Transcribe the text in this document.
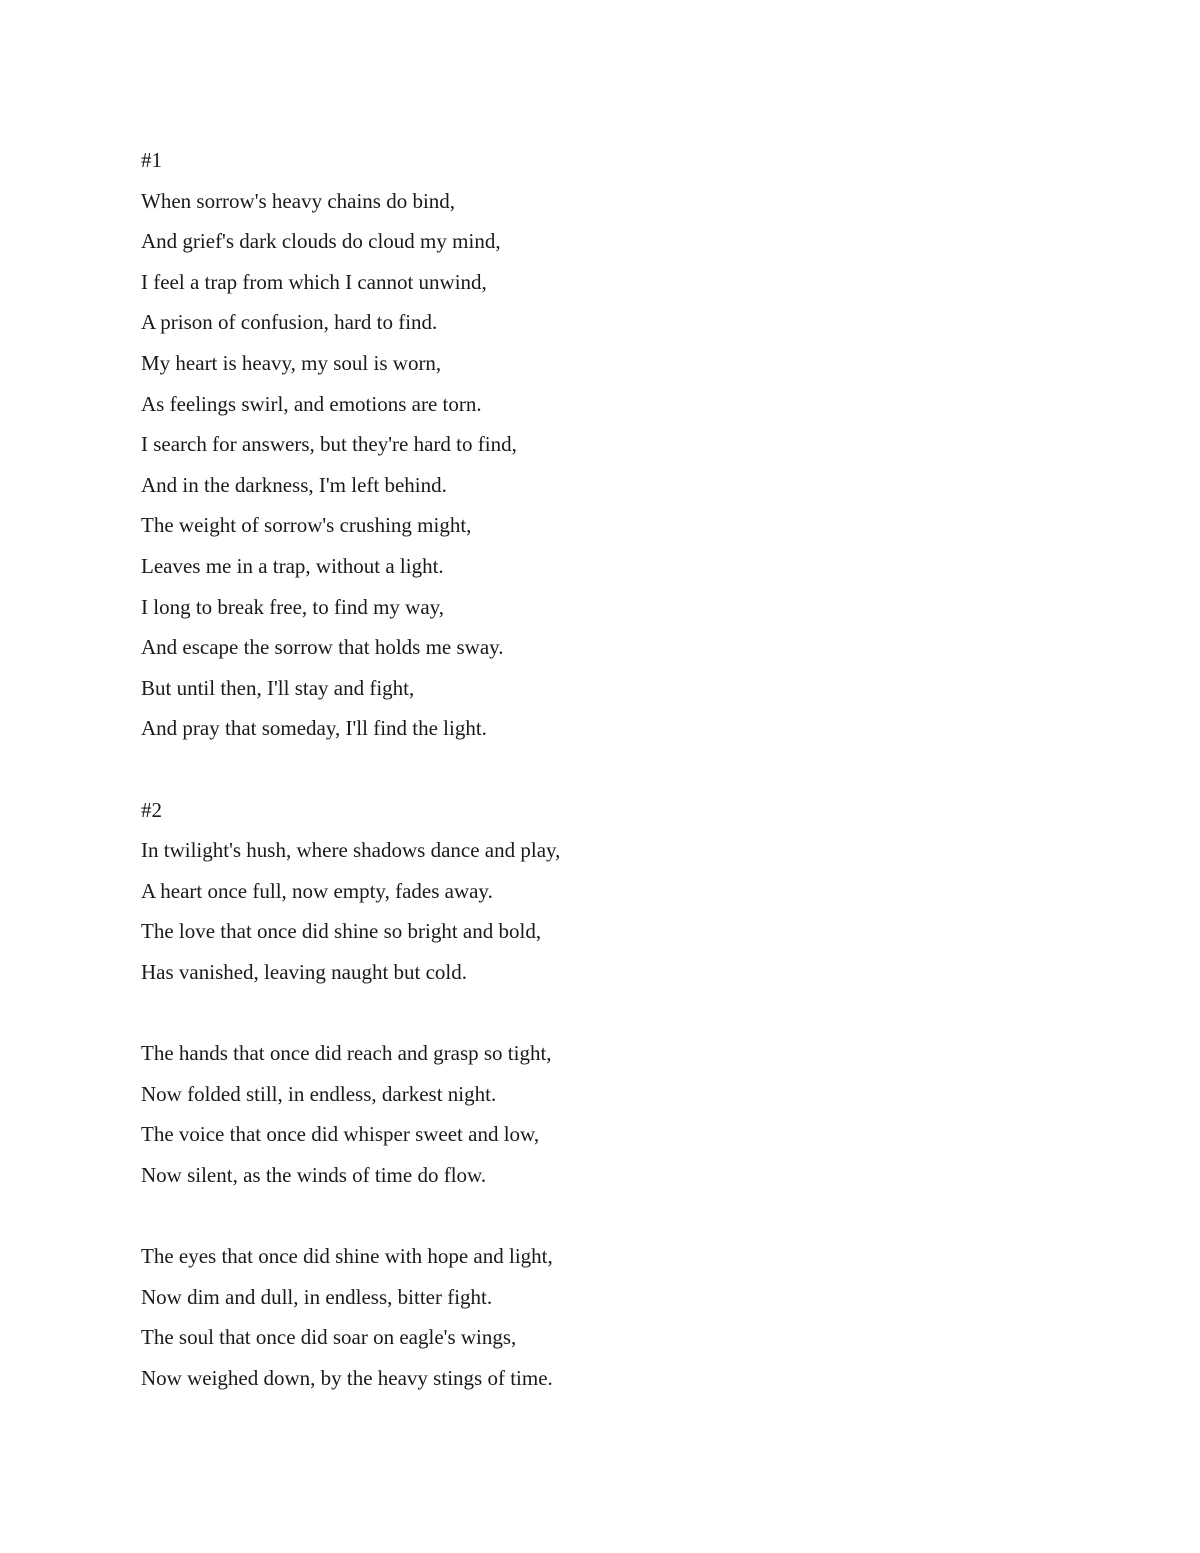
#1
When sorrow's heavy chains do bind,
And grief's dark clouds do cloud my mind,
I feel a trap from which I cannot unwind,
A prison of confusion, hard to find.
My heart is heavy, my soul is worn,
As feelings swirl, and emotions are torn.
I search for answers, but they're hard to find,
And in the darkness, I'm left behind.
The weight of sorrow's crushing might,
Leaves me in a trap, without a light.
I long to break free, to find my way,
And escape the sorrow that holds me sway.
But until then, I'll stay and fight,
And pray that someday, I'll find the light.
#2
In twilight's hush, where shadows dance and play,
A heart once full, now empty, fades away.
The love that once did shine so bright and bold,
Has vanished, leaving naught but cold.
The hands that once did reach and grasp so tight,
Now folded still, in endless, darkest night.
The voice that once did whisper sweet and low,
Now silent, as the winds of time do flow.
The eyes that once did shine with hope and light,
Now dim and dull, in endless, bitter fight.
The soul that once did soar on eagle's wings,
Now weighed down, by the heavy stings of time.
